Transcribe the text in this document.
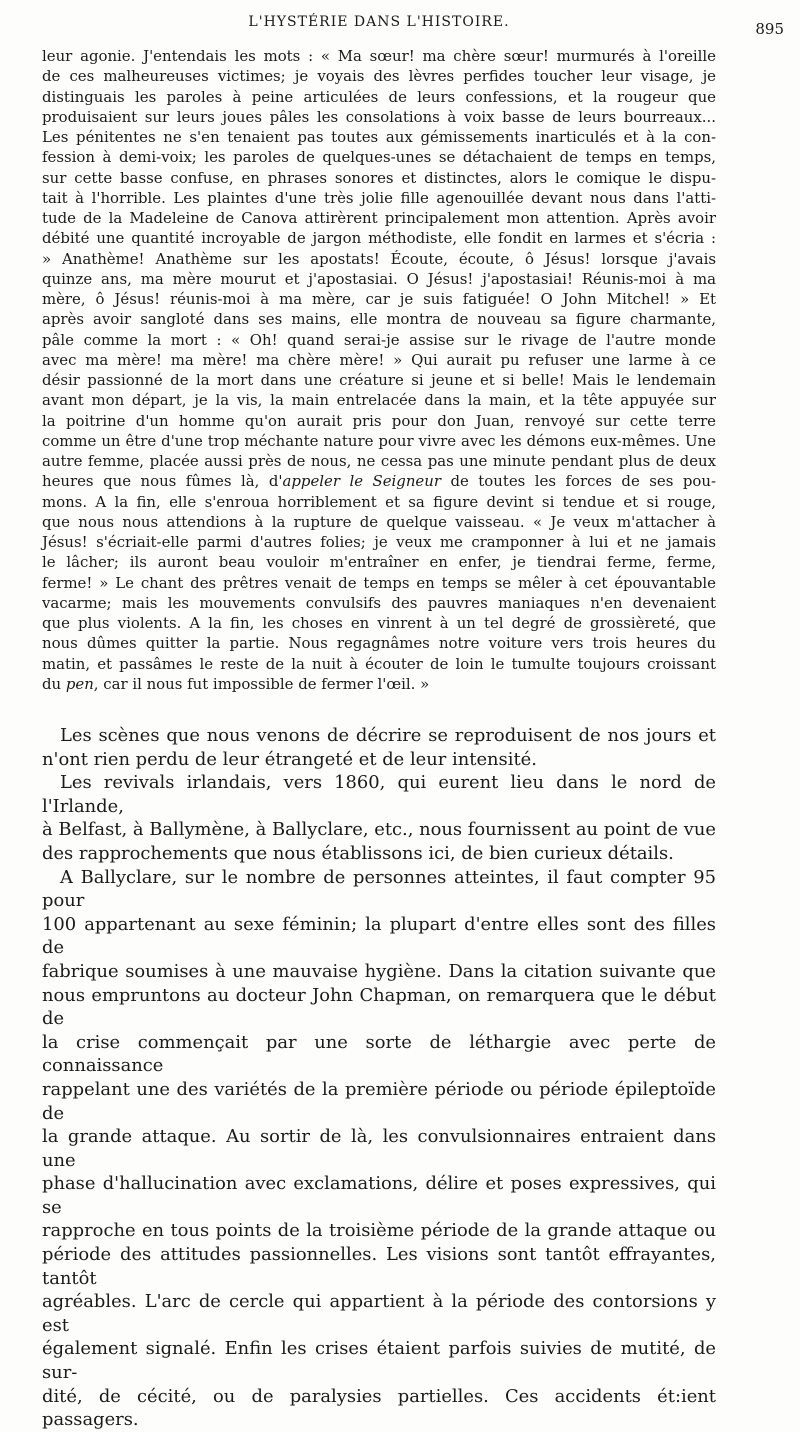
L'HYSTÉRIE DANS L'HISTOIRE.	895
leur agonie. J'entendais les mots : « Ma sœur! ma chère sœur! murmurés à l'oreille
de ces malheureuses victimes; je voyais des lèvres perfides toucher leur visage, je
distinguais les paroles à peine articulées de leurs confessions, et la rougeur que
produisaient sur leurs joues pâles les consolations à voix basse de leurs bourreaux...
Les pénitentes ne s'en tenaient pas toutes aux gémissements inarticulés et à la con-
fession à demi-voix; les paroles de quelques-unes se détachaient de temps en temps,
sur cette basse confuse, en phrases sonores et distinctes, alors le comique le dispu-
tait à l'horrible. Les plaintes d'une très jolie fille agenouillée devant nous dans l'atti-
tude de la Madeleine de Canova attirèrent principalement mon attention. Après avoir
débité une quantité incroyable de jargon méthodiste, elle fondit en larmes et s'écria :
» Anathème! Anathème sur les apostats! Écoute, écoute, ô Jésus! lorsque j'avais
quinze ans, ma mère mourut et j'apostasiai. O Jésus! j'apostasiai! Réunis-moi à ma
mère, ô Jésus! réunis-moi à ma mère, car je suis fatiguée! O John Mitchel! » Et
après avoir sangloté dans ses mains, elle montra de nouveau sa figure charmante,
pâle comme la mort : « Oh! quand serai-je assise sur le rivage de l'autre monde
avec ma mère! ma mère! ma chère mère! » Qui aurait pu refuser une larme à ce
désir passionné de la mort dans une créature si jeune et si belle! Mais le lendemain
avant mon départ, je la vis, la main entrelacée dans la main, et la tête appuyée sur
la poitrine d'un homme qu'on aurait pris pour don Juan, renvoyé sur cette terre
comme un être d'une trop méchante nature pour vivre avec les démons eux-mêmes. Une
autre femme, placée aussi près de nous, ne cessa pas une minute pendant plus de deux
heures que nous fûmes là, d'appeler le Seigneur de toutes les forces de ses pou-
mons. A la fin, elle s'enroua horriblement et sa figure devint si tendue et si rouge,
que nous nous attendions à la rupture de quelque vaisseau. « Je veux m'attacher à
Jésus! s'écriait-elle parmi d'autres folies; je veux me cramponner à lui et ne jamais
le lâcher; ils auront beau vouloir m'entraîner en enfer, je tiendrai ferme, ferme,
ferme! » Le chant des prêtres venait de temps en temps se mêler à cet épouvantable
vacarme; mais les mouvements convulsifs des pauvres maniaques n'en devenaient
que plus violents. A la fin, les choses en vinrent à un tel degré de grossièreté, que
nous dûmes quitter la partie. Nous regagnâmes notre voiture vers trois heures du
matin, et passâmes le reste de la nuit à écouter de loin le tumulte toujours croissant
du pen, car il nous fut impossible de fermer l'œil. »
Les scènes que nous venons de décrire se reproduisent de nos jours et
n'ont rien perdu de leur étrangeté et de leur intensité.
Les revivals irlandais, vers 1860, qui eurent lieu dans le nord de l'Irlande,
à Belfast, à Ballymène, à Ballyclare, etc., nous fournissent au point de vue
des rapprochements que nous établissons ici, de bien curieux détails.
A Ballyclare, sur le nombre de personnes atteintes, il faut compter 95 pour
100 appartenant au sexe féminin; la plupart d'entre elles sont des filles de
fabrique soumises à une mauvaise hygiène. Dans la citation suivante que
nous empruntons au docteur John Chapman, on remarquera que le début de
la crise commençait par une sorte de léthargie avec perte de connaissance
rappelant une des variétés de la première période ou période épileptoïde de
la grande attaque. Au sortir de là, les convulsionnaires entraient dans une
phase d'hallucination avec exclamations, délire et poses expressives, qui se
rapproche en tous points de la troisième période de la grande attaque ou
période des attitudes passionnelles. Les visions sont tantôt effrayantes, tantôt
agréables. L'arc de cercle qui appartient à la période des contorsions y est
également signalé. Enfin les crises étaient parfois suivies de mutité, de sur-
dité, de cécité, ou de paralysies partielles. Ces accidents ét:ient passagers.
